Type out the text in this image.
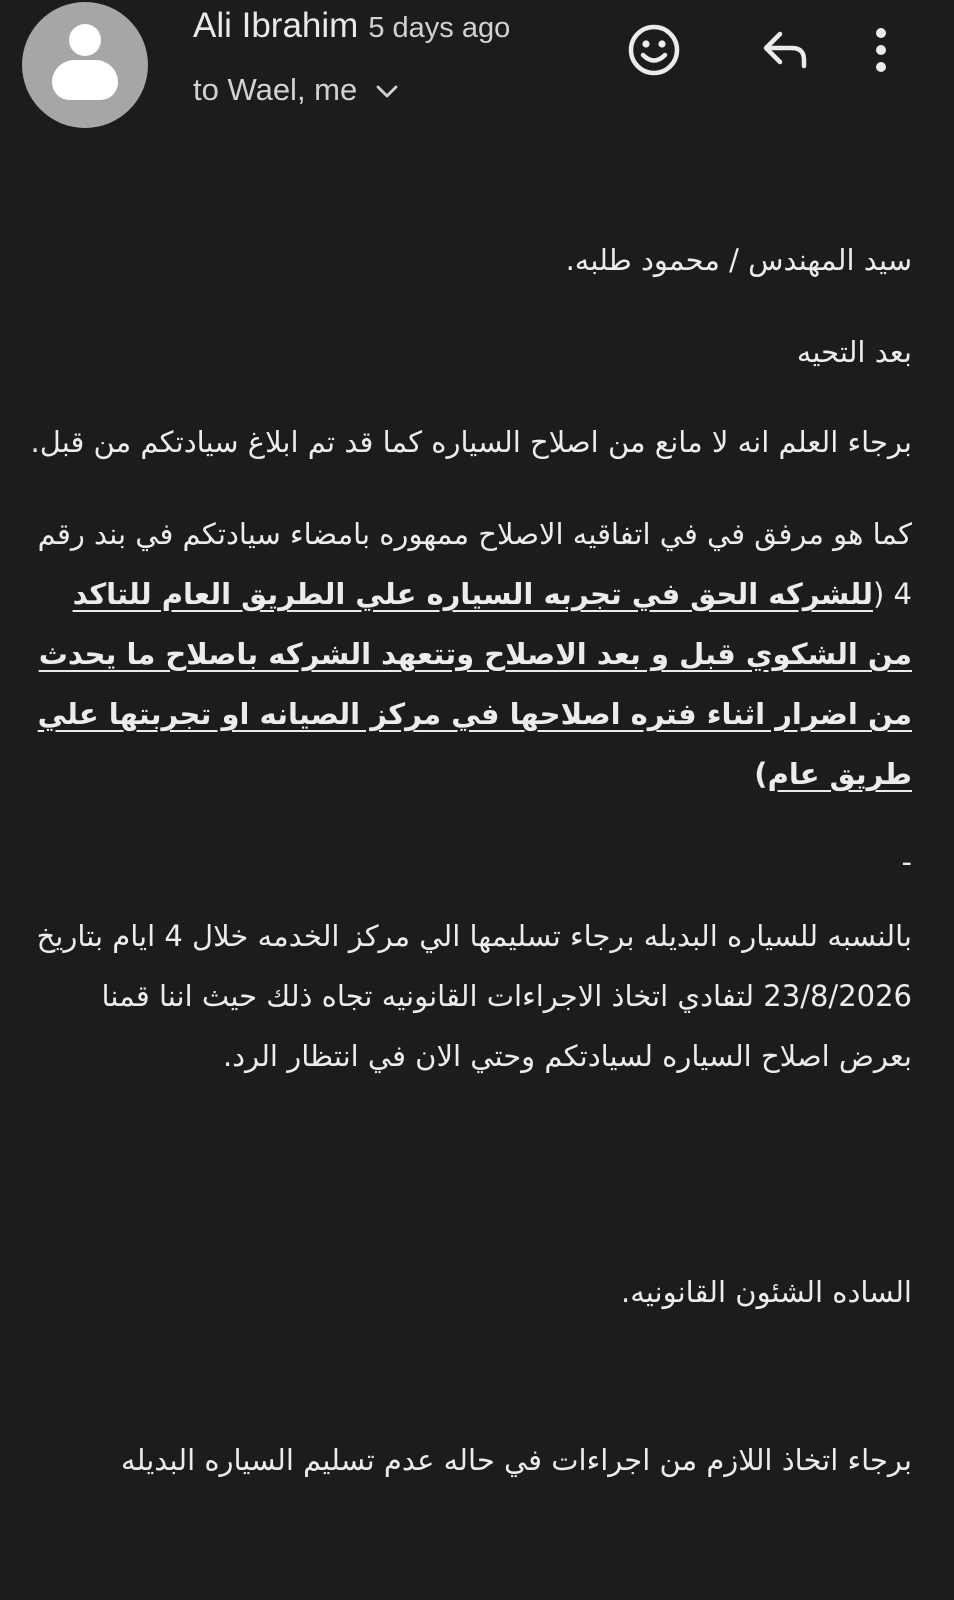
Ali Ibrahim 5 days ago
to Wael, me

سيد المهندس / محمود طلبه.

بعد التحيه

برجاء العلم انه لا مانع من اصلاح السياره كما قد تم ابلاغ سيادتكم من قبل.

كما هو مرفق في في اتفاقيه الاصلاح ممهوره بامضاء سيادتكم في بند رقم 4 (للشركه الحق في تجربه السياره علي الطريق العام للتاكد من الشكوي قبل و بعد الاصلاح وتتعهد الشركه باصلاح ما يحدث من اضرار اثناء فتره اصلاحها في مركز الصيانه او تجربتها علي طريق عام)

-

بالنسبه للسياره البديله برجاء تسليمها الي مركز الخدمه خلال 4 ايام بتاريخ 23/8/2026 لتفادي اتخاذ الاجراءات القانونيه تجاه ذلك حيث اننا قمنا بعرض اصلاح السياره لسيادتكم وحتي الان في انتظار الرد.

الساده الشئون القانونيه.

برجاء اتخاذ اللازم من اجراءات في حاله عدم تسليم السياره البديله
